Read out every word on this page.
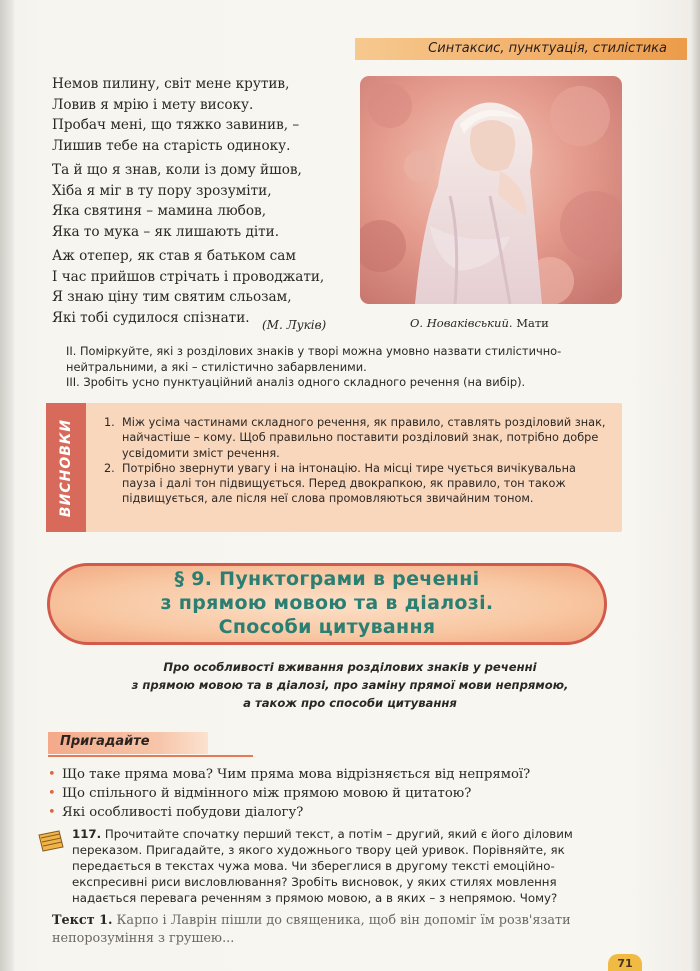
Синтаксис, пунктуація, стилістика
Немов пилину, світ мене крутив,
Ловив я мрію і мету високу.
Пробач мені, що тяжко завинив, –
Лишив тебе на старість одиноку.
Та й що я знав, коли із дому йшов,
Хіба я міг в ту пору зрозуміти,
Яка святиня – мамина любов,
Яка то мука – як лишають діти.
Аж отепер, як став я батьком сам
І час прийшов стрічать і проводжати,
Я знаю ціну тим святим сльозам,
Які тобі судилося спізнати.	(М. Луків)	О. Новаківський. Мати
II. Поміркуйте, які з розділових знаків у творі можна умовно назвати стилістично-нейтральними, а які – стилістично забарвленими.
III. Зробіть усно пунктуаційний аналіз одного складного речення (на вибір).
ВИСНОВКИ	1. Між усіма частинами складного речення, як правило, ставлять розділовий знак, найчастіше – кому. Щоб правильно поставити розділовий знак, потрібно добре усвідомити зміст речення.
2. Потрібно звернути увагу і на інтонацію. На місці тире чується вичікувальна пауза і далі тон підвищується. Перед двокрапкою, як правило, тон також підвищується, але після неї слова промовляються звичайним тоном.
§ 9. Пунктограми в реченні
з прямою мовою та в діалозі.
Способи цитування
Про особливості вживання розділових знаків у реченні
з прямою мовою та в діалозі, про заміну прямої мови непрямою,
а також про способи цитування
Пригадайте
• Що таке пряма мова? Чим пряма мова відрізняється від непрямої?
• Що спільного й відмінного між прямою мовою й цитатою?
• Які особливості побудови діалогу?
117. Прочитайте спочатку перший текст, а потім – другий, який є його діловим переказом. Пригадайте, з якого художнього твору цей уривок. Порівняйте, як передається в текстах чужа мова. Чи збереглися в другому тексті емоційно-експресивні риси висловлювання? Зробіть висновок, у яких стилях мовлення надається перевага реченням з прямою мовою, а в яких – з непрямою. Чому?
Текст 1. Карпо і Лаврін пішли до священика, щоб він допоміг їм розв'язати непорозуміння з грушею...
71
